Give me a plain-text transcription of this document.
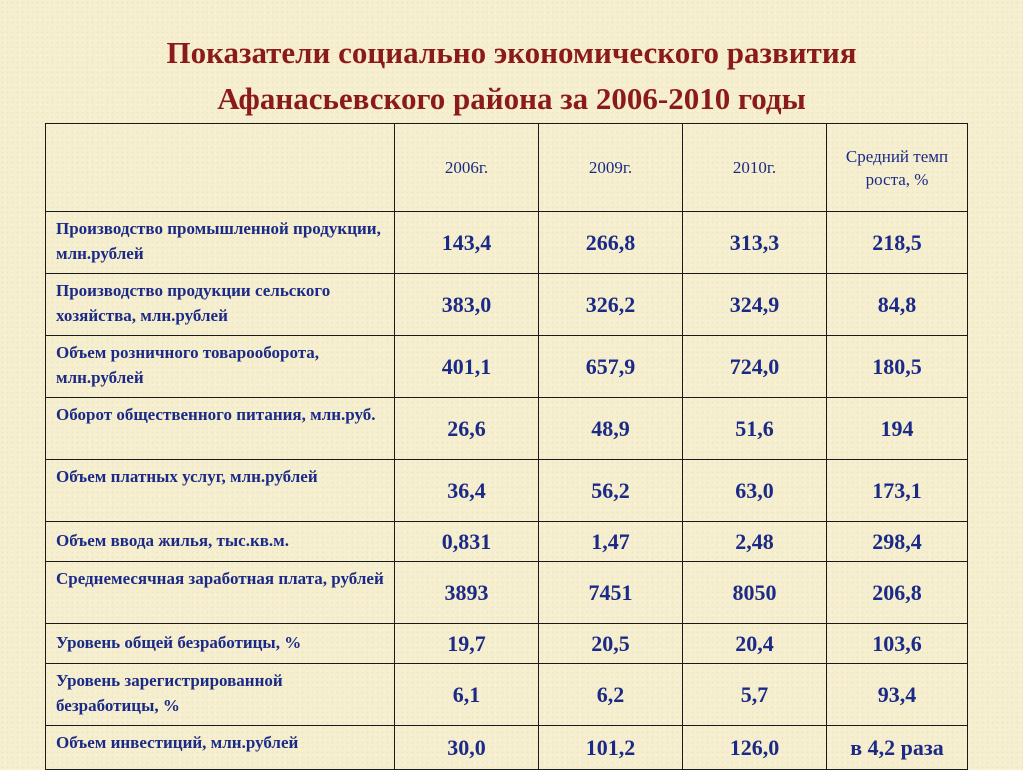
Показатели социально экономического развития
Афанасьевского района за 2006-2010 годы
	2006г.	2009г.	2010г.	Средний темп роста, %

Производство промышленной продукции, млн.рублей	143,4	266,8	313,3	218,5
Производство продукции сельского хозяйства, млн.рублей	383,0	326,2	324,9	84,8
Объем розничного товарооборота, млн.рублей	401,1	657,9	724,0	180,5
Оборот общественного питания, млн.руб.	26,6	48,9	51,6	194
Объем платных услуг, млн.рублей	36,4	56,2	63,0	173,1
Объем ввода жилья, тыс.кв.м.	0,831	1,47	2,48	298,4
Среднемесячная заработная плата, рублей	3893	7451	8050	206,8
Уровень общей безработицы, %	19,7	20,5	20,4	103,6
Уровень зарегистрированной безработицы, %	6,1	6,2	5,7	93,4
Объем инвестиций, млн.рублей	30,0	101,2	126,0	в 4,2 раза
